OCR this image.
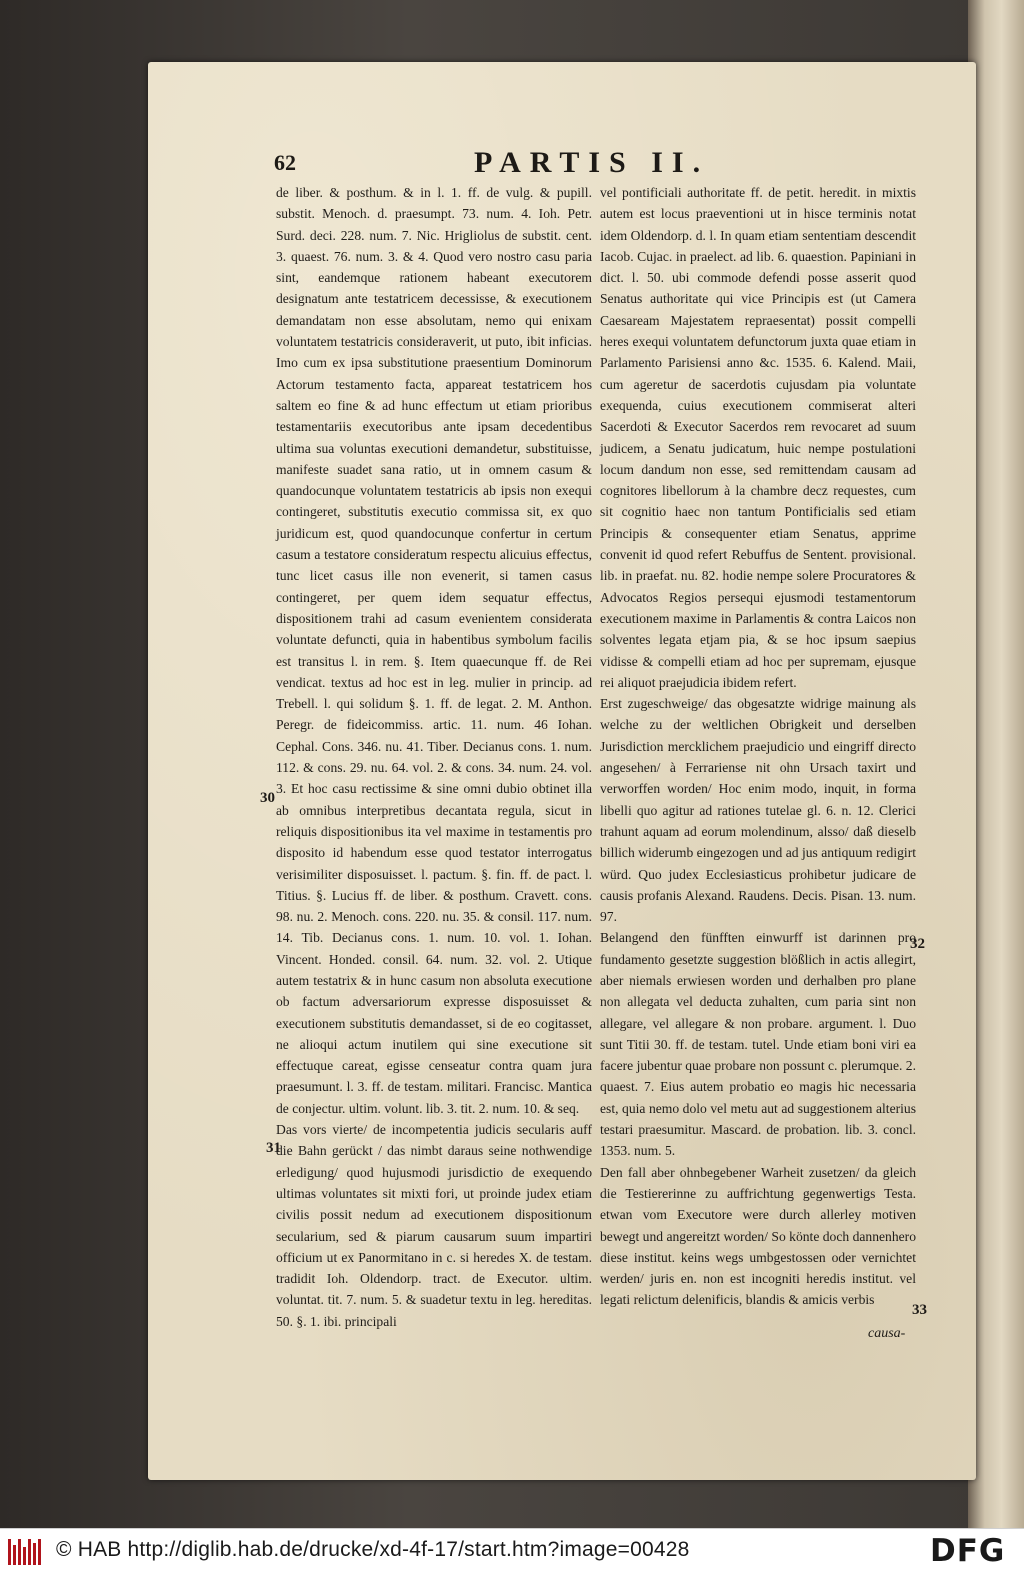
62	PARTIS II.

de liber. & posthum. & in l. 1. ff. de vulg. & pupill. substit. Menoch. d. praesumpt. 73. num. 4. Ioh. Petr. Surd. deci. 228. num. 7. Nic. Hrigliolus de substit. cent. 3. quaest. 76. num. 3. & 4. Quod vero nostro casu paria sint, eandemque rationem habeant executorem designatum ante testatricem decessisse, & executionem demandatam non esse absolutam, nemo qui enixam voluntatem testatricis consideraverit, ut puto, ibit inficias. Imo cum ex ipsa substitutione praesentium Dominorum Actorum testamento facta, appareat testatricem hos saltem eo fine & ad hunc effectum ut etiam prioribus testamentariis executoribus ante ipsam decedentibus ultima sua voluntas executioni demandetur, substituisse, manifeste suadet sana ratio, ut in omnem casum & quandocunque voluntatem testatricis ab ipsis non exequi contingeret, substitutis executio commissa sit, ex quo juridicum est, quod quandocunque confertur in certum casum a testatore consideratum respectu alicuius effectus, tunc licet casus ille non evenerit, si tamen casus contingeret, per quem idem sequatur effectus, dispositionem trahi ad casum evenientem considerata voluntate defuncti, quia in habentibus symbolum facilis est transitus l. in rem. §. Item quaecunque ff. de Rei vendicat. textus ad hoc est in leg. mulier in princip. ad Trebell. l. qui solidum §. 1. ff. de legat. 2. M. Anthon. Peregr. de fideicommiss. artic. 11. num. 46 Iohan. Cephal. Cons. 346. nu. 41. Tiber. Decianus cons. 1. num. 112. & cons. 29. nu. 64. vol. 2. & cons. 34. num. 24. vol. 3. Et hoc casu rectissime & sine omni dubio obtinet illa ab omnibus interpretibus decantata regula, sicut in reliquis dispositionibus ita vel maxime in testamentis pro disposito id habendum esse quod testator interrogatus verisimiliter disposuisset. l. pactum. §. fin. ff. de pact. l. Titius. §. Lucius ff. de liber. & posthum. Cravett. cons. 98. nu. 2. Menoch. cons. 220. nu. 35. & consil. 117. num. 14. Tib. Decianus cons. 1. num. 10. vol. 1. Iohan. Vincent. Honded. consil. 64. num. 32. vol. 2. Utique autem testatrix & in hunc casum non absoluta executione ob factum adversariorum expresse disposuisset & executionem substitutis demandasset, si de eo cogitasset, ne alioqui actum inutilem qui sine executione sit effectuque careat, egisse censeatur contra quam jura praesumunt. l. 3. ff. de testam. militari. Francisc. Mantica de conjectur. ultim. volunt. lib. 3. tit. 2. num. 10. & seq.

Das vors vierte/ de incompetentia judicis secularis auff die Bahn gerückt / das nimbt daraus seine nothwendige erledigung/ quod hujusmodi jurisdictio de exequendo ultimas voluntates sit mixti fori, ut proinde judex etiam civilis possit nedum ad executionem dispositionum secularium, sed & piarum causarum suum impartiri officium ut ex Panormitano in c. si heredes X. de testam. tradidit Ioh. Oldendorp. tract. de Executor. ultim. voluntat. tit. 7. num. 5. & suadetur textu in leg. hereditas. 50. §. 1. ibi. principali

vel pontificiali authoritate ff. de petit. heredit. in mixtis autem est locus praeventioni ut in hisce terminis notat idem Oldendorp. d. l. In quam etiam sententiam descendit Iacob. Cujac. in praelect. ad lib. 6. quaestion. Papiniani in dict. l. 50. ubi commode defendi posse asserit quod Senatus authoritate qui vice Principis est (ut Camera Caesaream Majestatem repraesentat) possit compelli heres exequi voluntatem defunctorum juxta quae etiam in Parlamento Parisiensi anno &c. 1535. 6. Kalend. Maii, cum ageretur de sacerdotis cujusdam pia voluntate exequenda, cuius executionem commiserat alteri Sacerdoti & Executor Sacerdos rem revocaret ad suum judicem, a Senatu judicatum, huic nempe postulationi locum dandum non esse, sed remittendam causam ad cognitores libellorum à la chambre decz requestes, cum sit cognitio haec non tantum Pontificialis sed etiam Principis & consequenter etiam Senatus, apprime convenit id quod refert Rebuffus de Sentent. provisional. lib. in praefat. nu. 82. hodie nempe solere Procuratores & Advocatos Regios persequi ejusmodi testamentorum executionem maxime in Parlamentis & contra Laicos non solventes legata etjam pia, & se hoc ipsum saepius vidisse & compelli etiam ad hoc per supremam, ejusque rei aliquot praejudicia ibidem refert.

Erst zugeschweige/ das obgesatzte widrige mainung als welche zu der weltlichen Obrigkeit und derselben Jurisdiction mercklichem praejudicio und eingriff directo angesehen/ à Ferrariense nit ohn Ursach taxirt und verworffen worden/ Hoc enim modo, inquit, in forma libelli quo agitur ad rationes tutelae gl. 6. n. 12. Clerici trahunt aquam ad eorum molendinum, alsso/ daß dieselb billich widerumb eingezogen und ad jus antiquum redigirt würd. Quo judex Ecclesiasticus prohibetur judicare de causis profanis Alexand. Raudens. Decis. Pisan. 13. num. 97.

Belangend den fünfften einwurff ist darinnen pro fundamento gesetzte suggestion blößlich in actis allegirt, aber niemals erwiesen worden und derhalben pro plane non allegata vel deducta zuhalten, cum paria sint non allegare, vel allegare & non probare. argument. l. Duo sunt Titii 30. ff. de testam. tutel. Unde etiam boni viri ea facere jubentur quae probare non possunt c. plerumque. 2. quaest. 7. Eius autem probatio eo magis hic necessaria est, quia nemo dolo vel metu aut ad suggestionem alterius testari praesumitur. Mascard. de probation. lib. 3. concl. 1353. num. 5.

Den fall aber ohnbegebener Warheit zusetzen/ da gleich die Testiererinne zu auffrichtung gegenwertigs Testa. etwan vom Executore were durch allerley motiven bewegt und angereitzt worden/ So könte doch dannenhero diese institut. keins wegs umbgestossen oder vernichtet werden/ juris en. non est incogniti heredis institut. vel legati relictum delenificis, blandis & amicis verbis

30
31
32
33
causa-
© HAB http://diglib.hab.de/drucke/xd-4f-17/start.htm?image=00428	DFG
